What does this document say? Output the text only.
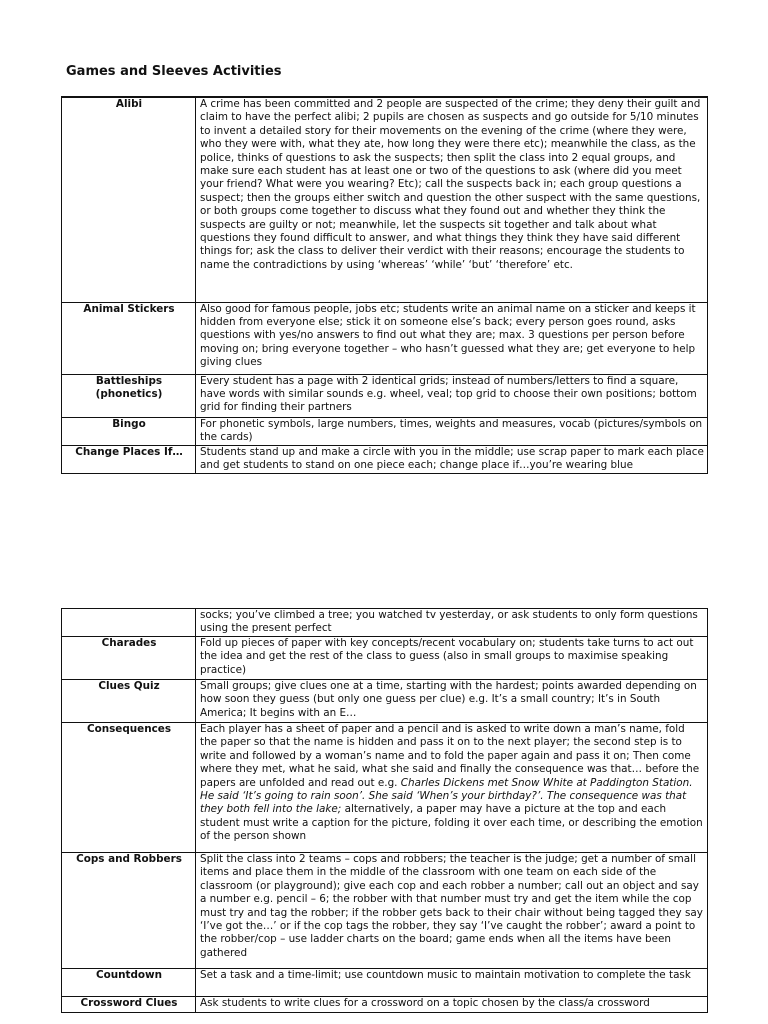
Games and Sleeves Activities
Alibi	A crime has been committed and 2 people are suspected of the crime; they deny their guilt and claim to have the perfect alibi; 2 pupils are chosen as suspects and go outside for 5/10 minutes to invent a detailed story for their movements on the evening of the crime (where they were, who they were with, what they ate, how long they were there etc); meanwhile the class, as the police, thinks of questions to ask the suspects; then split the class into 2 equal groups, and make sure each student has at least one or two of the questions to ask (where did you meet your friend? What were you wearing? Etc); call the suspects back in; each group questions a suspect; then the groups either switch and question the other suspect with the same questions, or both groups come together to discuss what they found out and whether they think the suspects are guilty or not; meanwhile, let the suspects sit together and talk about what questions they found difficult to answer, and what things they think they have said different things for; ask the class to deliver their verdict with their reasons; encourage the students to name the contradictions by using ‘whereas’ ‘while’ ‘but’ ‘therefore’ etc.
Animal Stickers	Also good for famous people, jobs etc; students write an animal name on a sticker and keeps it hidden from everyone else; stick it on someone else’s back; every person goes round, asks questions with yes/no answers to find out what they are; max. 3 questions per person before moving on; bring everyone together – who hasn’t guessed what they are; get everyone to help giving clues
Battleships (phonetics)	Every student has a page with 2 identical grids; instead of numbers/letters to find a square, have words with similar sounds e.g. wheel, veal; top grid to choose their own positions; bottom grid for finding their partners
Bingo	For phonetic symbols, large numbers, times, weights and measures, vocab (pictures/symbols on the cards)
Change Places If…	Students stand up and make a circle with you in the middle; use scrap paper to mark each place and get students to stand on one piece each; change place if…you’re wearing blue
	socks; you’ve climbed a tree; you watched tv yesterday, or ask students to only form questions using the present perfect
Charades	Fold up pieces of paper with key concepts/recent vocabulary on; students take turns to act out the idea and get the rest of the class to guess (also in small groups to maximise speaking practice)
Clues Quiz	Small groups; give clues one at a time, starting with the hardest; points awarded depending on how soon they guess (but only one guess per clue) e.g. It’s a small country; It’s in South America; It begins with an E…
Consequences	Each player has a sheet of paper and a pencil and is asked to write down a man’s name, fold the paper so that the name is hidden and pass it on to the next player; the second step is to write and followed by a woman’s name and to fold the paper again and pass it on; Then come where they met, what he said, what she said and finally the consequence was that… before the papers are unfolded and read out e.g. Charles Dickens met Snow White at Paddington Station. He said ‘It’s going to rain soon’. She said ‘When’s your birthday?’. The consequence was that they both fell into the lake; alternatively, a paper may have a picture at the top and each student must write a caption for the picture, folding it over each time, or describing the emotion of the person shown
Cops and Robbers	Split the class into 2 teams – cops and robbers; the teacher is the judge; get a number of small items and place them in the middle of the classroom with one team on each side of the classroom (or playground); give each cop and each robber a number; call out an object and say a number e.g. pencil – 6; the robber with that number must try and get the item while the cop must try and tag the robber; if the robber gets back to their chair without being tagged they say ‘I’ve got the…’ or if the cop tags the robber, they say ‘I’ve caught the robber’; award a point to the robber/cop – use ladder charts on the board; game ends when all the items have been gathered
Countdown	Set a task and a time-limit; use countdown music to maintain motivation to complete the task
Crossword Clues	Ask students to write clues for a crossword on a topic chosen by the class/a crossword
